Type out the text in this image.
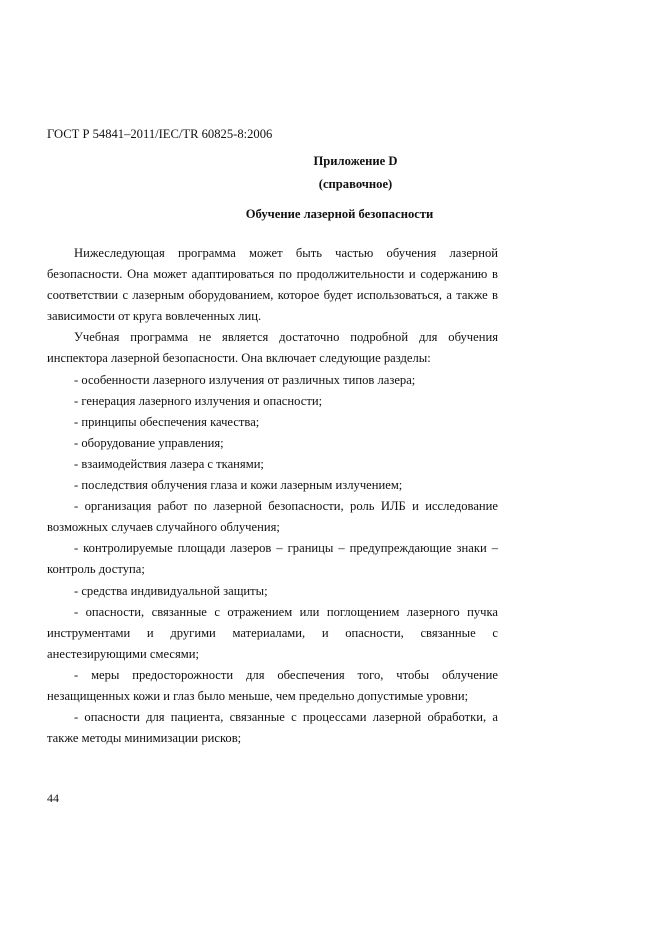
ГОСТ Р 54841–2011/IEC/TR 60825-8:2006
Приложение D
(справочное)
Обучение лазерной безопасности

Нижеследующая программа может быть частью обучения лазерной безопасности. Она может адаптироваться по продолжительности и содержанию в соответствии с лазерным оборудованием, которое будет использоваться, а также в зависимости от круга вовлеченных лиц.

Учебная программа не является достаточно подробной для обучения инспектора лазерной безопасности. Она включает следующие разделы:

- особенности лазерного излучения от различных типов лазера;

- генерация лазерного излучения и опасности;

- принципы обеспечения качества;

- оборудование управления;

- взаимодействия лазера с тканями;

- последствия облучения глаза и кожи лазерным излучением;

- организация работ по лазерной безопасности, роль ИЛБ и исследование возможных случаев случайного облучения;

- контролируемые площади лазеров – границы – предупреждающие знаки – контроль доступа;

- средства индивидуальной защиты;

- опасности, связанные с отражением или поглощением лазерного пучка инструментами и другими материалами, и опасности, связанные с анестезирующими смесями;

- меры предосторожности для обеспечения того, чтобы облучение незащищенных кожи и глаз было меньше, чем предельно допустимые уровни;

- опасности для пациента, связанные с процессами лазерной обработки, а также методы минимизации рисков;

44
